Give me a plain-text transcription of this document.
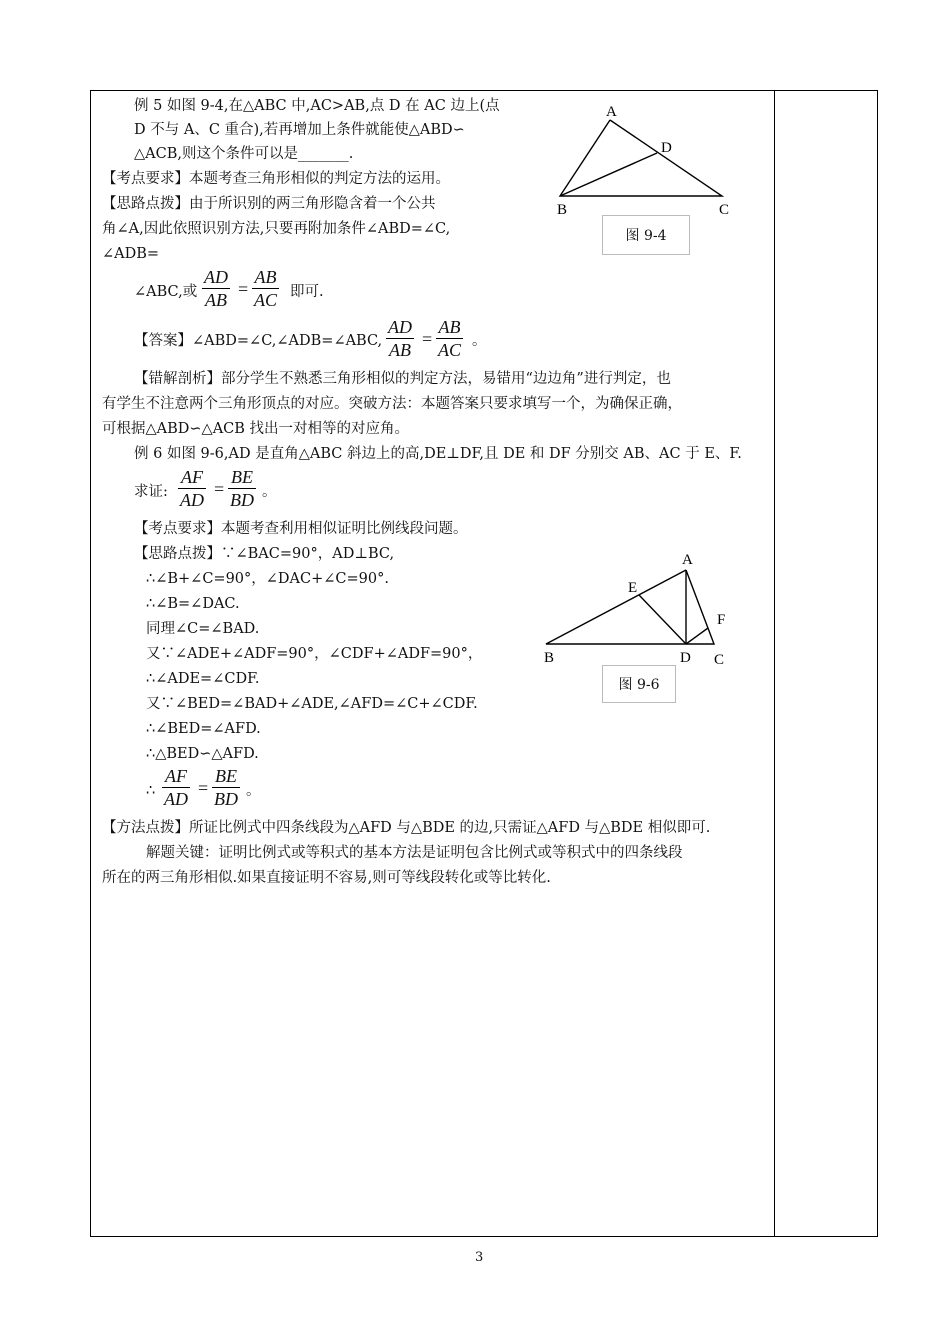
例 5 如图 9-4,在△ABC 中,AC>AB,点 D 在 AC 边上(点
D 不与 A、C 重合),若再增加上条件就能使△ABD∽
△ACB,则这个条件可以是_______.
【考点要求】本题考查三角形相似的判定方法的运用。
【思路点拨】由于所识别的两三角形隐含着一个公共
角∠A,因此依照识别方法,只要再附加条件∠ABD=∠C,
∠ADB=
∠ABC,或
AD
AB
=
AB
AC 即可.
【答案】∠ABD=∠C,∠ADB=∠ABC,
AD
AB
=
AB
AC 。
【错解剖析】部分学生不熟悉三角形相似的判定方法，易错用“边边角”进行判定，也
有学生不注意两个三角形顶点的对应。突破方法：本题答案只要求填写一个，为确保正确，
可根据△ABD∽△ACB 找出一对相等的对应角。
A
B	C
D
图 9-4
例 6 如图 9-6,AD 是直角△ABC 斜边上的高,DE⊥DF,且 DE 和 DF 分别交 AB、AC 于 E、F.
求证:
AF
AD
=
BE
BD 。
【考点要求】本题考查利用相似证明比例线段问题。
【思路点拨】∵∠BAC=90°，AD⊥BC,
∴∠B+∠C=90°，∠DAC+∠C=90°.
∴∠B=∠DAC.
同理∠C=∠BAD.
又∵∠ADE+∠ADF=90°，∠CDF+∠ADF=90°，
∴∠ADE=∠CDF.
又∵∠BED=∠BAD+∠ADE,∠AFD=∠C+∠CDF.
∴∠BED=∠AFD.
∴△BED∽△AFD.
∴
AF
AD
=
BE
BD 。
【方法点拨】所证比例式中四条线段为△AFD 与△BDE 的边,只需证△AFD 与△BDE 相似即可.
解题关键：证明比例式或等积式的基本方法是证明包含比例式或等积式中的四条线段
所在的两三角形相似.如果直接证明不容易,则可等线段转化或等比转化.
A
B	C
D
E
F
图 9-6
3
